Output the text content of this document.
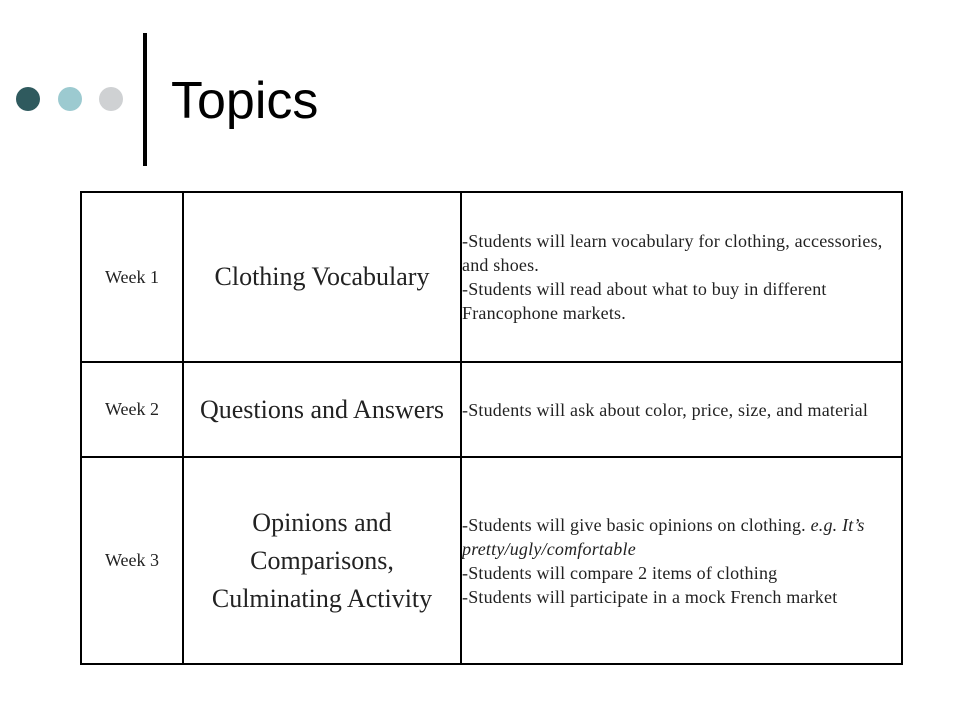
Topics
Week 1	Clothing Vocabulary	-Students will learn vocabulary for clothing, accessories, and shoes.
-Students will read about what to buy in different Francophone markets.

Week 2	Questions and Answers	-Students will ask about color, price, size, and material

Week 3	Opinions and Comparisons, Culminating Activity	-Students will give basic opinions on clothing. e.g. It’s pretty/ugly/comfortable
-Students will compare 2 items of clothing
-Students will participate in a mock French market
